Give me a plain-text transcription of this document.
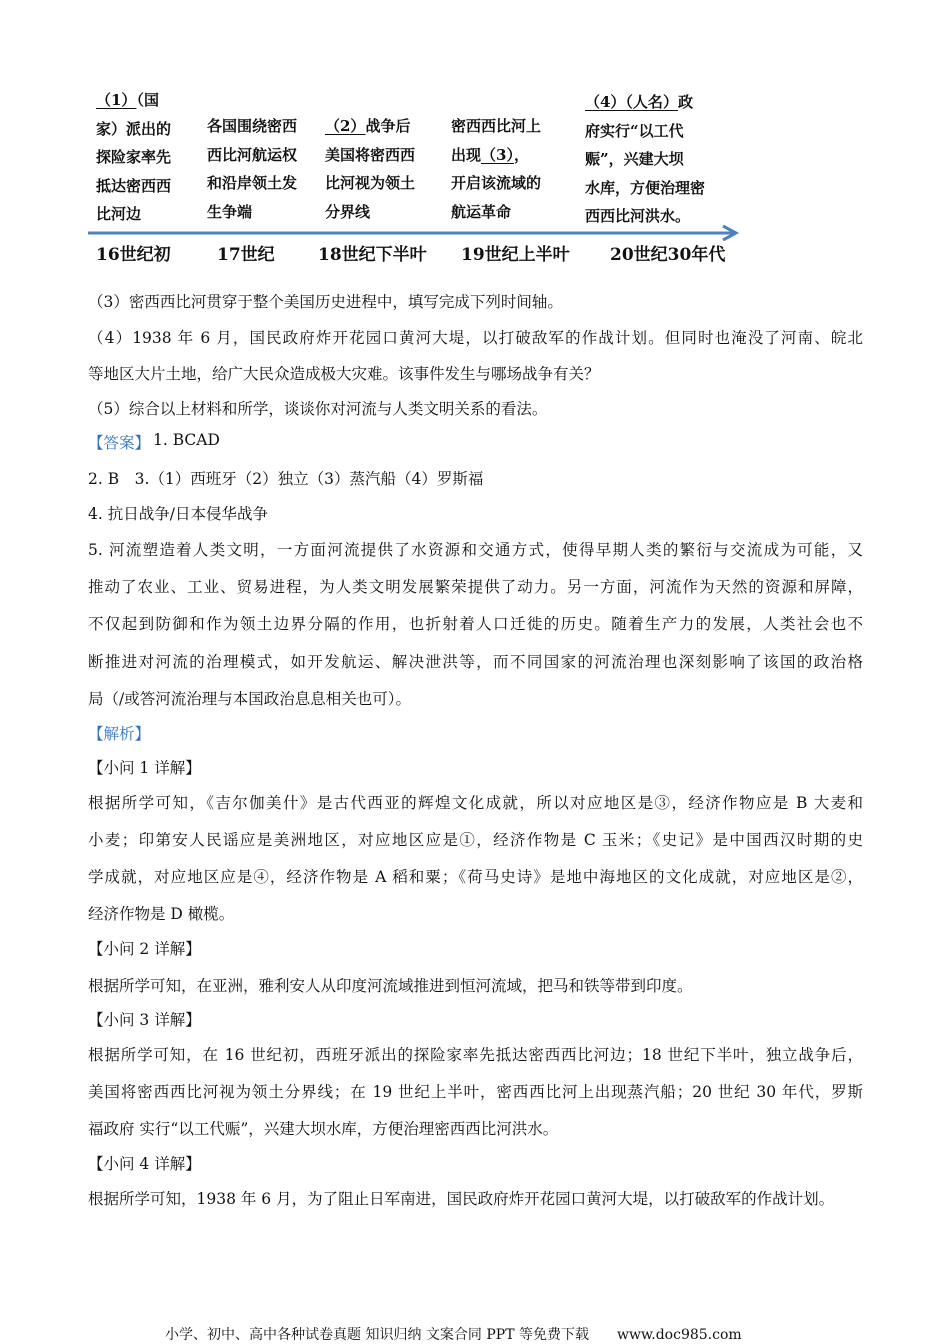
（1）（国
家）派出的
探险家率先
抵达密西西
比河边
各国围绕密西
西比河航运权
和沿岸领土发
生争端
（2）战争后
美国将密西西
比河视为领土
分界线
密西西比河上
出现（3），
开启该流域的
航运革命
（4）（人名）政
府实行“以工代
赈”，兴建大坝
水库，方便治理密
西西比河洪水。
16世纪初	17世纪	18世纪下半叶 19世纪上半叶 20世纪30年代
（3）密西西比河贯穿于整个美国历史进程中，填写完成下列时间轴。
（4）1938 年 6 月，国民政府炸开花园口黄河大堤，以打破敌军的作战计划。但同时也淹没了河南、皖北
等地区大片土地，给广大民众造成极大灾难。该事件发生与哪场战争有关？
（5）综合以上材料和所学，谈谈你对河流与人类文明关系的看法。
【答案】 1. BCAD
2. B　3.（1）西班牙（2）独立（3）蒸汽船（4）罗斯福
4. 抗日战争/日本侵华战争
5. 河流塑造着人类文明，一方面河流提供了水资源和交通方式，使得早期人类的繁衍与交流成为可能，又
推动了农业、工业、贸易进程，为人类文明发展繁荣提供了动力。另一方面，河流作为天然的资源和屏障，
不仅起到防御和作为领土边界分隔的作用，也折射着人口迁徙的历史。随着生产力的发展，人类社会也不
断推进对河流的治理模式，如开发航运、解决泄洪等，而不同国家的河流治理也深刻影响了该国的政治格
局（/或答河流治理与本国政治息息相关也可）。
【解析】
【小问 1 详解】
根据所学可知，《吉尔伽美什》是古代西亚的辉煌文化成就，所以对应地区是③，经济作物应是 B 大麦和
小麦；印第安人民谣应是美洲地区，对应地区应是①，经济作物是 C 玉米；《史记》是中国西汉时期的史
学成就，对应地区应是④，经济作物是 A 稻和粟；《荷马史诗》是地中海地区的文化成就，对应地区是②，
经济作物是 D 橄榄。
【小问 2 详解】
根据所学可知，在亚洲，雅利安人从印度河流域推进到恒河流域，把马和铁等带到印度。
【小问 3 详解】
根据所学可知，在 16 世纪初，西班牙派出的探险家率先抵达密西西比河边；18 世纪下半叶，独立战争后，
美国将密西西比河视为领土分界线；在 19 世纪上半叶，密西西比河上出现蒸汽船；20 世纪 30 年代，罗斯
福政府 实行“以工代赈”，兴建大坝水库，方便治理密西西比河洪水。
【小问 4 详解】
根据所学可知，1938 年 6 月，为了阻止日军南进，国民政府炸开花园口黄河大堤，以打破敌军的作战计划。
小学、初中、高中各种试卷真题 知识归纳 文案合同 PPT 等免费下载　　www.doc985.com
